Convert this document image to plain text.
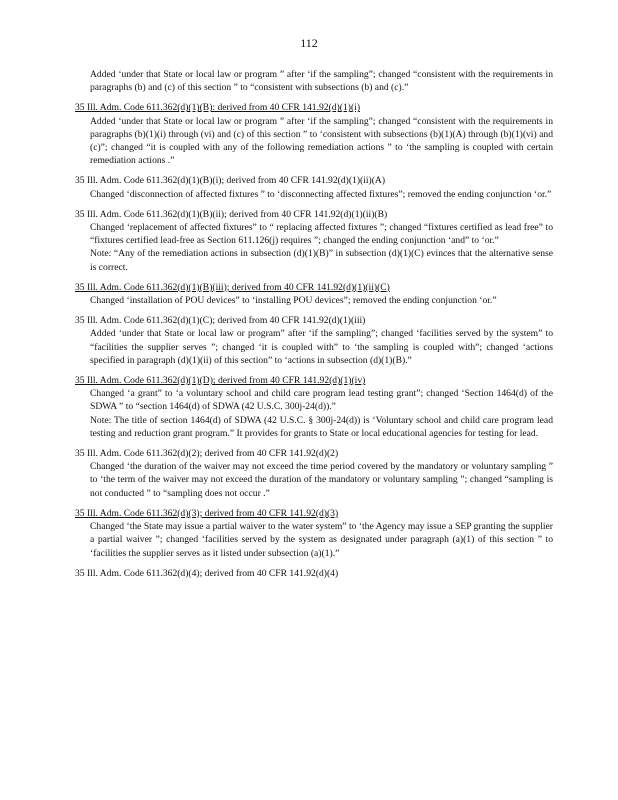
112

Added ‘under that State or local law or program ” after ‘if the sampling”; changed “consistent with the requirements in paragraphs (b) and (c) of this section ” to “consistent with subsections (b) and (c).”

35 Ill. Adm. Code 611.362(d)(1)(B): derived from 40 CFR 141.92(d)(1)(i)

Added ‘under that State or local law or program ” after ‘if the sampling”; changed “consistent with the requirements in paragraphs (b)(1)(i) through (vi) and (c) of this section ” to ‘consistent with subsections (b)(1)(A) through (b)(1)(vi) and (c)”; changed “it is coupled with any of the following remediation actions ” to ‘the sampling is coupled with certain remediation actions .”

35 Ill. Adm. Code 611.362(d)(1)(B)(i); derived from 40 CFR 141.92(d)(1)(ii)(A)

Changed ‘disconnection of affected fixtures ” to ‘disconnecting affected fixtures”; removed the ending conjunction ‘or.”

35 Ill. Adm. Code 611.362(d)(1)(B)(ii); derived from 40 CFR 141.92(d)(1)(ii)(B)

Changed ‘replacement of affected fixtures” to “ replacing affected fixtures ”; changed “fixtures certified as lead free” to “fixtures certified lead-free as Section 611.126(j) requires ”; changed the ending conjunction ‘and” to ‘or.”

Note: “Any of the remediation actions in subsection (d)(1)(B)” in subsection (d)(1)(C) evinces that the alternative sense is correct.

35 Ill. Adm. Code 611.362(d)(1)(B)(iii); derived from 40 CFR 141.92(d)(1)(ii)(C)

Changed ‘installation of POU devices” to ‘installing POU devices”; removed the ending conjunction ‘or.”

35 Ill. Adm. Code 611.362(d)(1)(C); derived from 40 CFR 141.92(d)(1)(iii)

Added ‘under that State or local law or program” after ‘if the sampling”; changed ‘facilities served by the system” to “facilities the supplier serves ”; changed ‘it is coupled with” to ‘the sampling is coupled with”; changed ‘actions specified in paragraph (d)(1)(ii) of this section” to ‘actions in subsection (d)(1)(B).”

35 Ill. Adm. Code 611.362(d)(1)(D); derived from 40 CFR 141.92(d)(1)(iv)

Changed ‘a grant” to ‘a voluntary school and child care program lead testing grant”; changed ‘Section 1464(d) of the SDWA ” to “section 1464(d) of SDWA (42 U.S.C. 300j-24(d)).”

Note: The title of section 1464(d) of SDWA (42 U.S.C. § 300j-24(d)) is ‘Voluntary school and child care program lead testing and reduction grant program.” It provides for grants to State or local educational agencies for testing for lead.

35 Ill. Adm. Code 611.362(d)(2); derived from 40 CFR 141.92(d)(2)

Changed ‘the duration of the waiver may not exceed the time period covered by the mandatory or voluntary sampling ” to ‘the term of the waiver may not exceed the duration of the mandatory or voluntary sampling ”; changed “sampling is not conducted ” to “sampling does not occur .”

35 Ill. Adm. Code 611.362(d)(3); derived from 40 CFR 141.92(d)(3)

Changed ‘the State may issue a partial waiver to the water system” to ‘the Agency may issue a SEP granting the supplier a partial waiver ”; changed ‘facilities served by the system as designated under paragraph (a)(1) of this section ” to ‘facilities the supplier serves as it listed under subsection (a)(1).”

35 Ill. Adm. Code 611.362(d)(4); derived from 40 CFR 141.92(d)(4)
